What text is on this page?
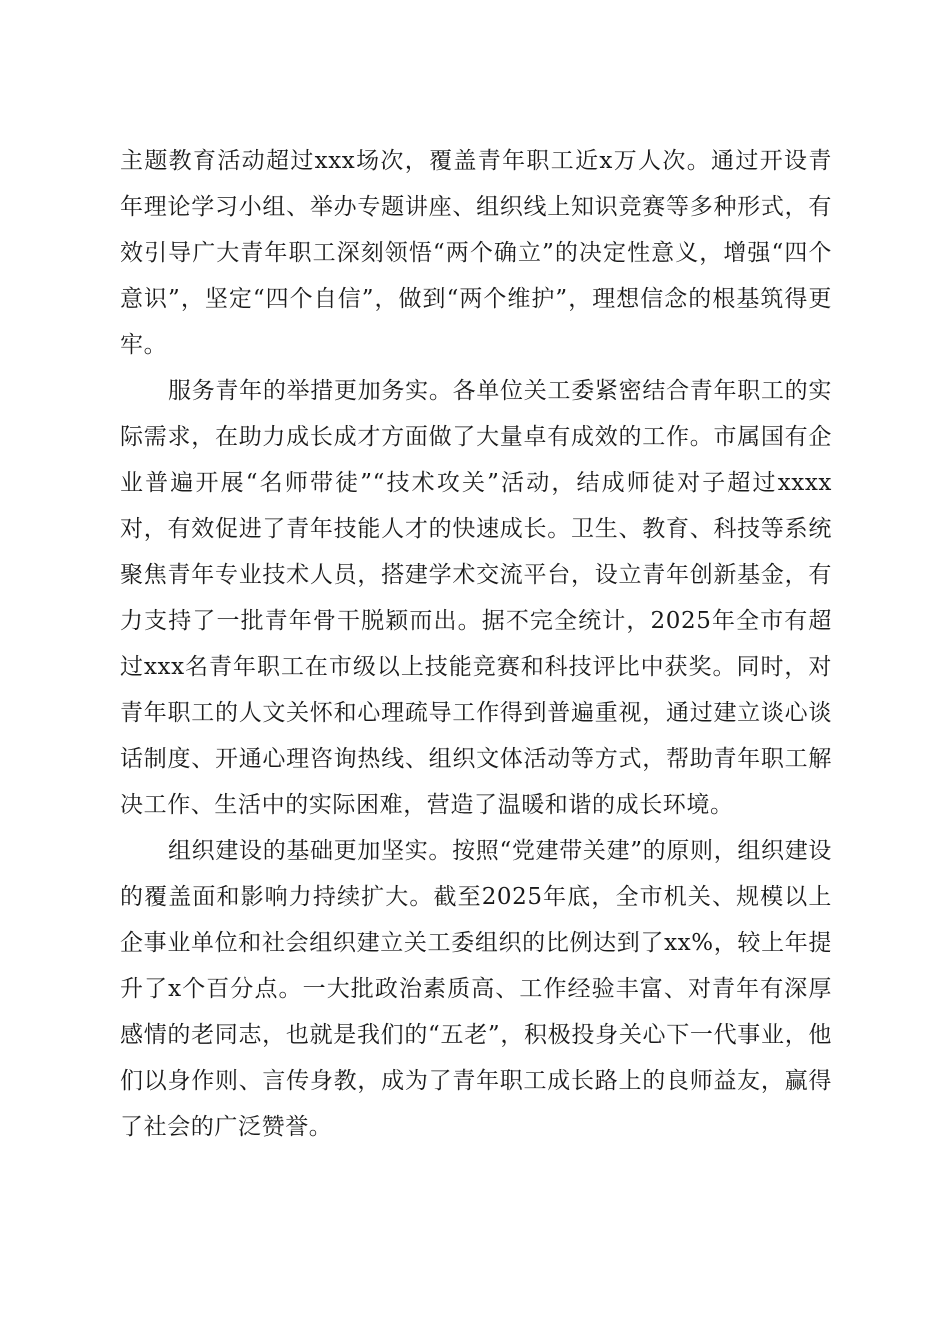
主题教育活动超过xxx场次，覆盖青年职工近x万人次。通过开设青年理论学习小组、举办专题讲座、组织线上知识竞赛等多种形式，有效引导广大青年职工深刻领悟“两个确立”的决定性意义，增强“四个意识”，坚定“四个自信”，做到“两个维护”，理想信念的根基筑得更牢。

服务青年的举措更加务实。各单位关工委紧密结合青年职工的实际需求，在助力成长成才方面做了大量卓有成效的工作。市属国有企业普遍开展“名师带徒”“技术攻关”活动，结成师徒对子超过xxxx对，有效促进了青年技能人才的快速成长。卫生、教育、科技等系统聚焦青年专业技术人员，搭建学术交流平台，设立青年创新基金，有力支持了一批青年骨干脱颖而出。据不完全统计，2025年全市有超过xxx名青年职工在市级以上技能竞赛和科技评比中获奖。同时，对青年职工的人文关怀和心理疏导工作得到普遍重视，通过建立谈心谈话制度、开通心理咨询热线、组织文体活动等方式，帮助青年职工解决工作、生活中的实际困难，营造了温暖和谐的成长环境。

组织建设的基础更加坚实。按照“党建带关建”的原则，组织建设的覆盖面和影响力持续扩大。截至2025年底，全市机关、规模以上企事业单位和社会组织建立关工委组织的比例达到了xx%，较上年提升了x个百分点。一大批政治素质高、工作经验丰富、对青年有深厚感情的老同志，也就是我们的“五老”，积极投身关心下一代事业，他们以身作则、言传身教，成为了青年职工成长路上的良师益友，赢得了社会的广泛赞誉。
